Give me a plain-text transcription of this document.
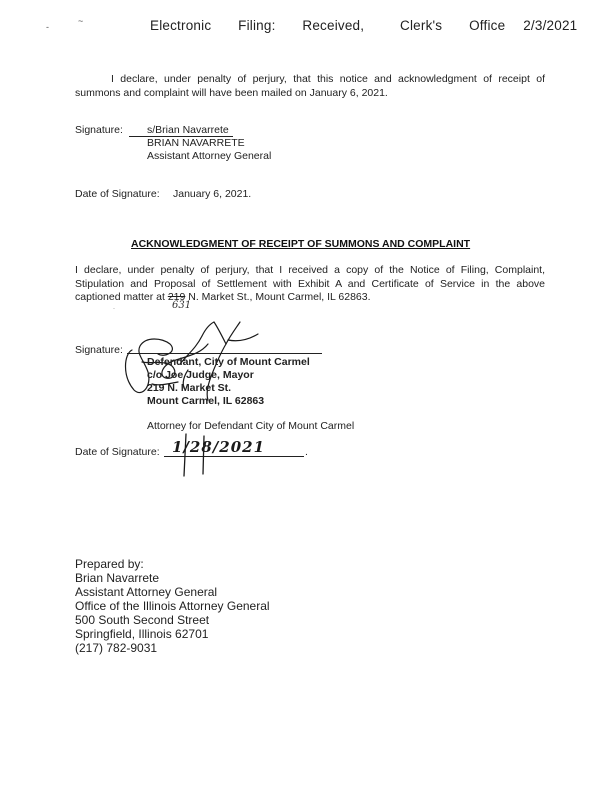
-
~	Electronic   Filing:   Received,    Clerk's   Office  2/3/2021
I declare, under penalty of perjury, that this notice and acknowledgment of receipt of summons and complaint will have been mailed on January 6, 2021.
Signature: s/Brian Navarrete
BRIAN NAVARRETE
Assistant Attorney General
Date of Signature: January 6, 2021.
ACKNOWLEDGMENT OF RECEIPT OF SUMMONS AND COMPLAINT
I declare, under penalty of perjury, that I received a copy of the Notice of Filing, Complaint, Stipulation and Proposal of Settlement with Exhibit A and Certificate of Service in the above captioned matter at 219 N. Market St., Mount Carmel, IL 62863.
631
·
Signature:
Defendant, City of Mount Carmel
c/o Joe Judge, Mayor
219 N. Market St.
Mount Carmel, IL 62863
Attorney for Defendant City of Mount Carmel
Date of Signature:	.
1/28/2021
Prepared by:
Brian Navarrete
Assistant Attorney General
Office of the Illinois Attorney General
500 South Second Street
Springfield, Illinois 62701
(217) 782-9031
